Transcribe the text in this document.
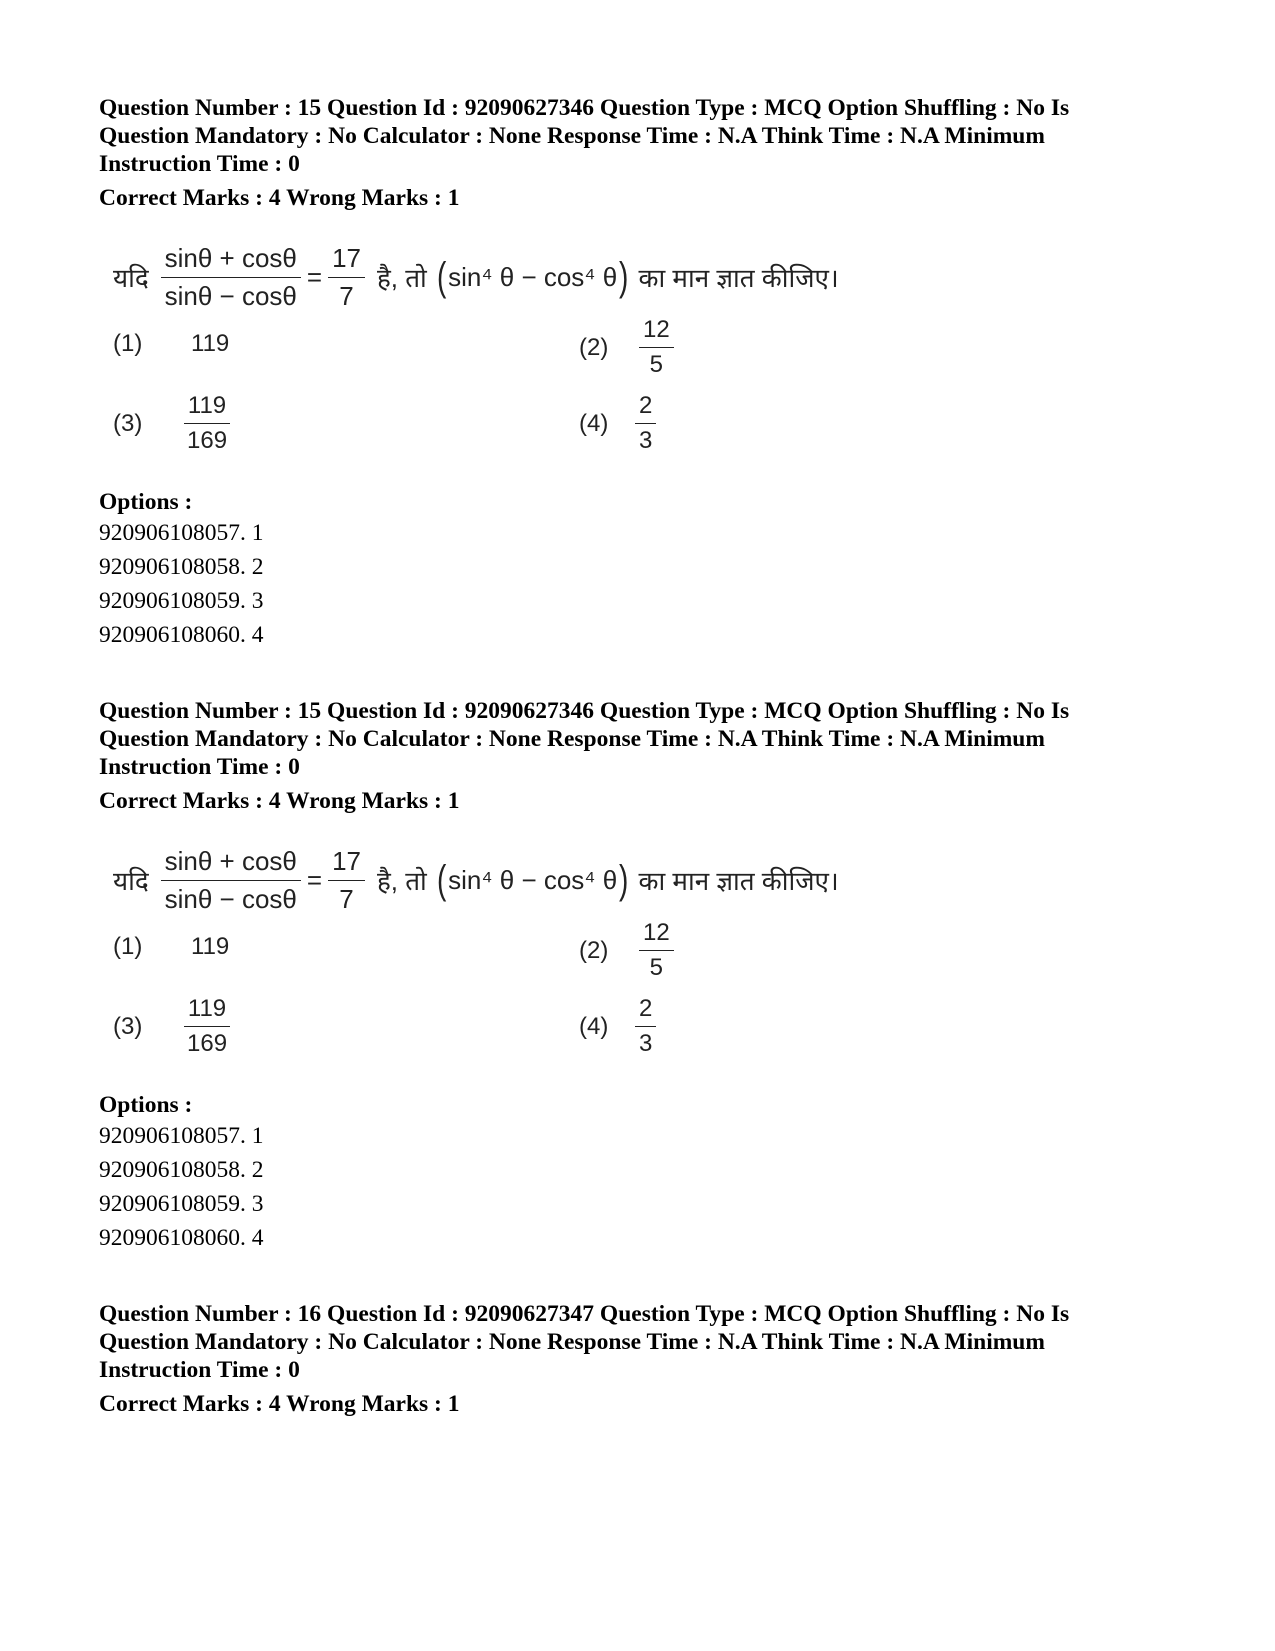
Question Number : 15 Question Id : 92090627346 Question Type : MCQ Option Shuffling : No Is

Question Mandatory : No Calculator : None Response Time : N.A Think Time : N.A Minimum

Instruction Time : 0

Correct Marks : 4 Wrong Marks : 1
यदि $\frac{\sin\theta + \cos\theta}{\sin\theta - \cos\theta} = \frac{17}{7}$ है, तो ( sin⁴ θ − cos⁴ θ ) का मान ज्ञात कीजिए।
(1)	119	(2)	$\frac{12}{5}$
(3)	$\frac{119}{169}$	(4)	$\frac{2}{3}$
Options :
920906108057. 1
920906108058. 2
920906108059. 3
920906108060. 4

Question Number : 15 Question Id : 92090627346 Question Type : MCQ Option Shuffling : No Is

Question Mandatory : No Calculator : None Response Time : N.A Think Time : N.A Minimum

Instruction Time : 0

Correct Marks : 4 Wrong Marks : 1
यदि $\frac{\sin\theta + \cos\theta}{\sin\theta - \cos\theta} = \frac{17}{7}$ है, तो ( sin⁴ θ − cos⁴ θ ) का मान ज्ञात कीजिए।
(1)	119	(2)	$\frac{12}{5}$
(3)	$\frac{119}{169}$	(4)	$\frac{2}{3}$
Options :
920906108057. 1
920906108058. 2
920906108059. 3
920906108060. 4

Question Number : 16 Question Id : 92090627347 Question Type : MCQ Option Shuffling : No Is

Question Mandatory : No Calculator : None Response Time : N.A Think Time : N.A Minimum

Instruction Time : 0

Correct Marks : 4 Wrong Marks : 1
